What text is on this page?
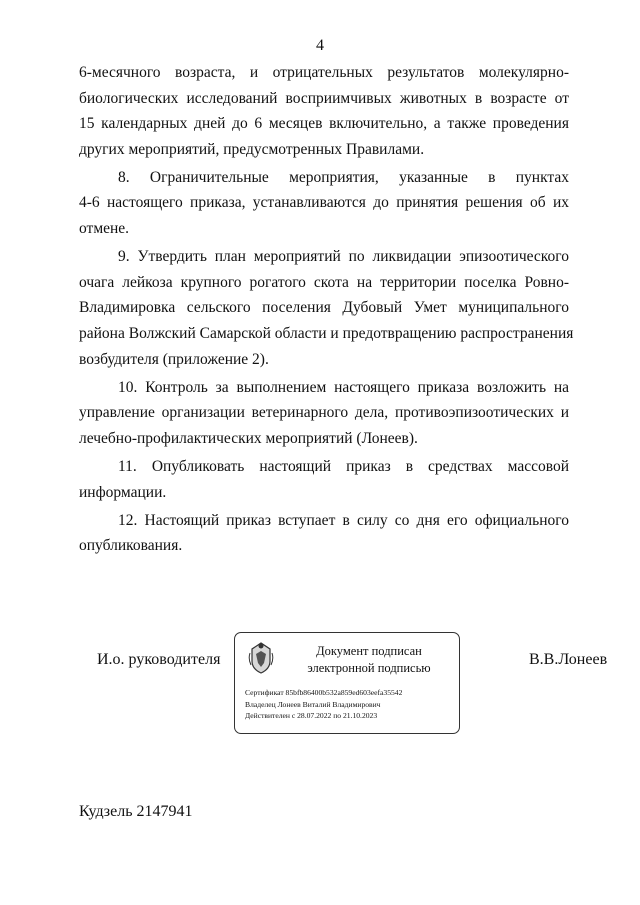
4
6-месячного возраста, и отрицательных результатов молекулярно-
биологических исследований восприимчивых животных в возрасте от
15 календарных дней до 6 месяцев включительно, а также проведения
других мероприятий, предусмотренных Правилами.
8. Ограничительные мероприятия, указанные в пунктах
4-6 настоящего приказа, устанавливаются до принятия решения об их
отмене.
9. Утвердить план мероприятий по ликвидации эпизоотического
очага лейкоза крупного рогатого скота на территории поселка Ровно-
Владимировка сельского поселения Дубовый Умет муниципального
района Волжский Самарской области и предотвращению распространения
возбудителя (приложение 2).
10. Контроль за выполнением настоящего приказа возложить на
управление организации ветеринарного дела, противоэпизоотических и
лечебно-профилактических мероприятий (Лонеев).
11. Опубликовать настоящий приказ в средствах массовой
информации.
12. Настоящий приказ вступает в силу со дня его официального
опубликования.
И.о. руководителя	Документ подписан
электронной подписью
Сертификат 85bfb86400b532a859ed603eefa35542
Владелец Лонеев Виталий Владимирович
Действителен с 28.07.2022 по 21.10.2023
В.В.Лонеев
Кудзель 2147941
